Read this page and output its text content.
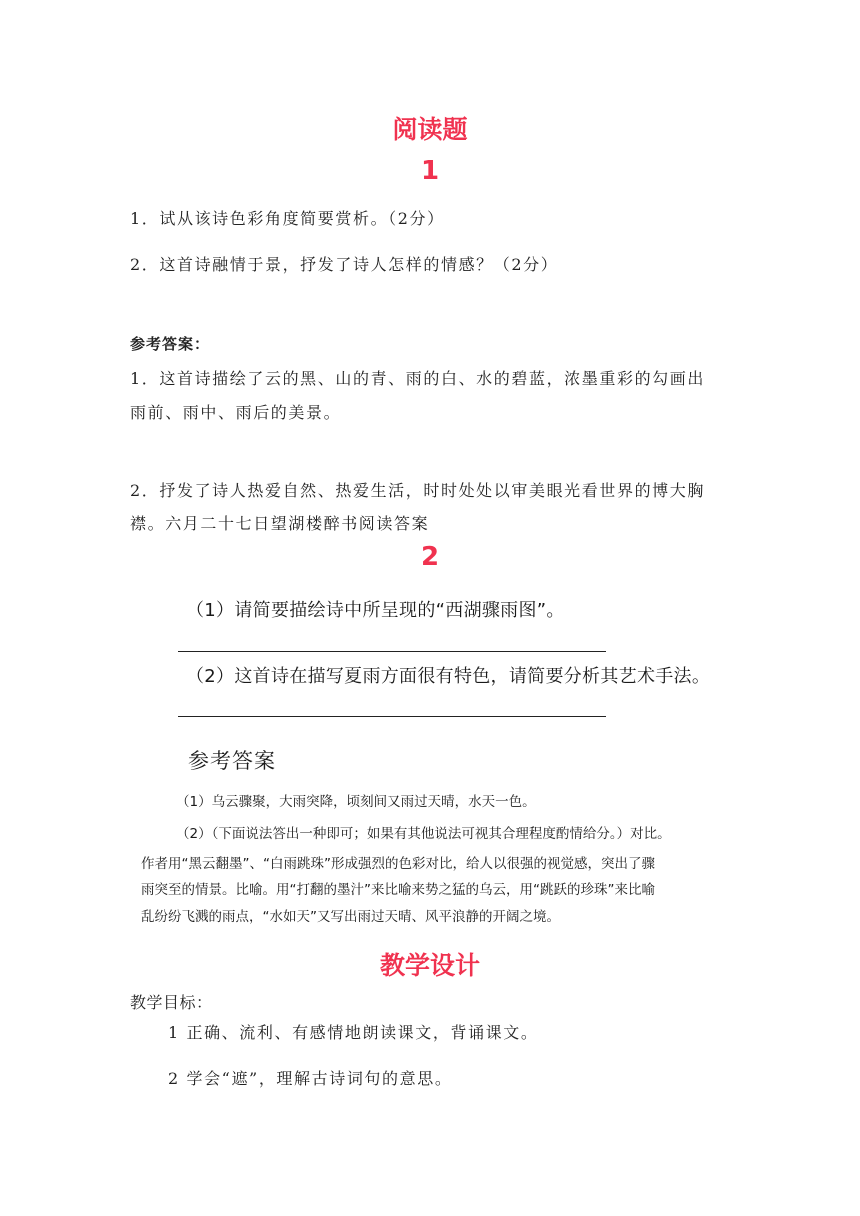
阅读题
1
1．试从该诗色彩角度简要赏析。（2分）
2．这首诗融情于景，抒发了诗人怎样的情感？（2分）
参考答案：
1．这首诗描绘了云的黑、山的青、雨的白、水的碧蓝，浓墨重彩的勾画出
雨前、雨中、雨后的美景。
2．抒发了诗人热爱自然、热爱生活，时时处处以审美眼光看世界的博大胸
襟。六月二十七日望湖楼醉书阅读答案
2
（1）请简要描绘诗中所呈现的“西湖骤雨图”。
（2）这首诗在描写夏雨方面很有特色，请简要分析其艺术手法。
参考答案
（1）乌云骤聚，大雨突降，顷刻间又雨过天晴，水天一色。
（2）（下面说法答出一种即可；如果有其他说法可视其合理程度酌情给分。）对比。
作者用“黑云翻墨”、“白雨跳珠”形成强烈的色彩对比，给人以很强的视觉感，突出了骤
雨突至的情景。比喻。用“打翻的墨汁”来比喻来势之猛的乌云，用“跳跃的珍珠”来比喻
乱纷纷飞溅的雨点，“水如天”又写出雨过天晴、风平浪静的开阔之境。
教学设计
教学目标：
1 正确、流利、有感情地朗读课文，背诵课文。
2 学会“遮”，理解古诗词句的意思。
